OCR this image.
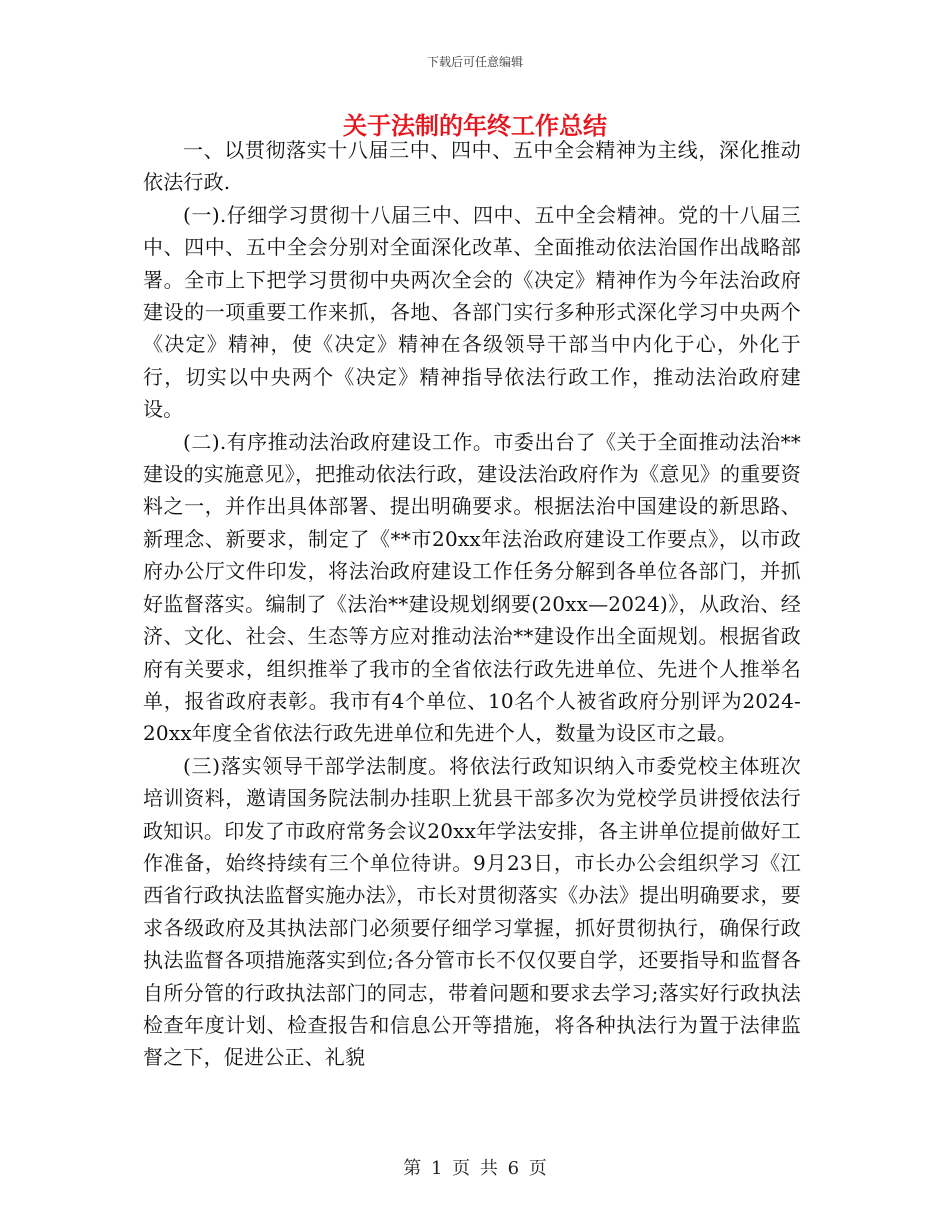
下载后可任意编辑
关于法制的年终工作总结

一、以贯彻落实十八届三中、四中、五中全会精神为主线，深化推动依法行政.

(一).仔细学习贯彻十八届三中、四中、五中全会精神。党的十八届三中、四中、五中全会分别对全面深化改革、全面推动依法治国作出战略部署。全市上下把学习贯彻中央两次全会的《决定》精神作为今年法治政府建设的一项重要工作来抓，各地、各部门实行多种形式深化学习中央两个《决定》精神，使《决定》精神在各级领导干部当中内化于心，外化于行，切实以中央两个《决定》精神指导依法行政工作，推动法治政府建设。

(二).有序推动法治政府建设工作。市委出台了《关于全面推动法治**建设的实施意见》，把推动依法行政，建设法治政府作为《意见》的重要资料之一，并作出具体部署、提出明确要求。根据法治中国建设的新思路、新理念、新要求，制定了《**市20xx年法治政府建设工作要点》，以市政府办公厅文件印发，将法治政府建设工作任务分解到各单位各部门，并抓好监督落实。编制了《法治**建设规划纲要(20xx—2024)》，从政治、经济、文化、社会、生态等方应对推动法治**建设作出全面规划。根据省政府有关要求，组织推举了我市的全省依法行政先进单位、先进个人推举名单，报省政府表彰。我市有4个单位、10名个人被省政府分别评为2024-20xx年度全省依法行政先进单位和先进个人，数量为设区市之最。

(三)落实领导干部学法制度。将依法行政知识纳入市委党校主体班次培训资料，邀请国务院法制办挂职上犹县干部多次为党校学员讲授依法行政知识。印发了市政府常务会议20xx年学法安排，各主讲单位提前做好工作准备，始终持续有三个单位待讲。9月23日，市长办公会组织学习《江西省行政执法监督实施办法》，市长对贯彻落实《办法》提出明确要求，要求各级政府及其执法部门必须要仔细学习掌握，抓好贯彻执行，确保行政执法监督各项措施落实到位;各分管市长不仅仅要自学，还要指导和监督各自所分管的行政执法部门的同志，带着问题和要求去学习;落实好行政执法检查年度计划、检查报告和信息公开等措施，将各种执法行为置于法律监督之下，促进公正、礼貌

第 1 页 共 6 页
